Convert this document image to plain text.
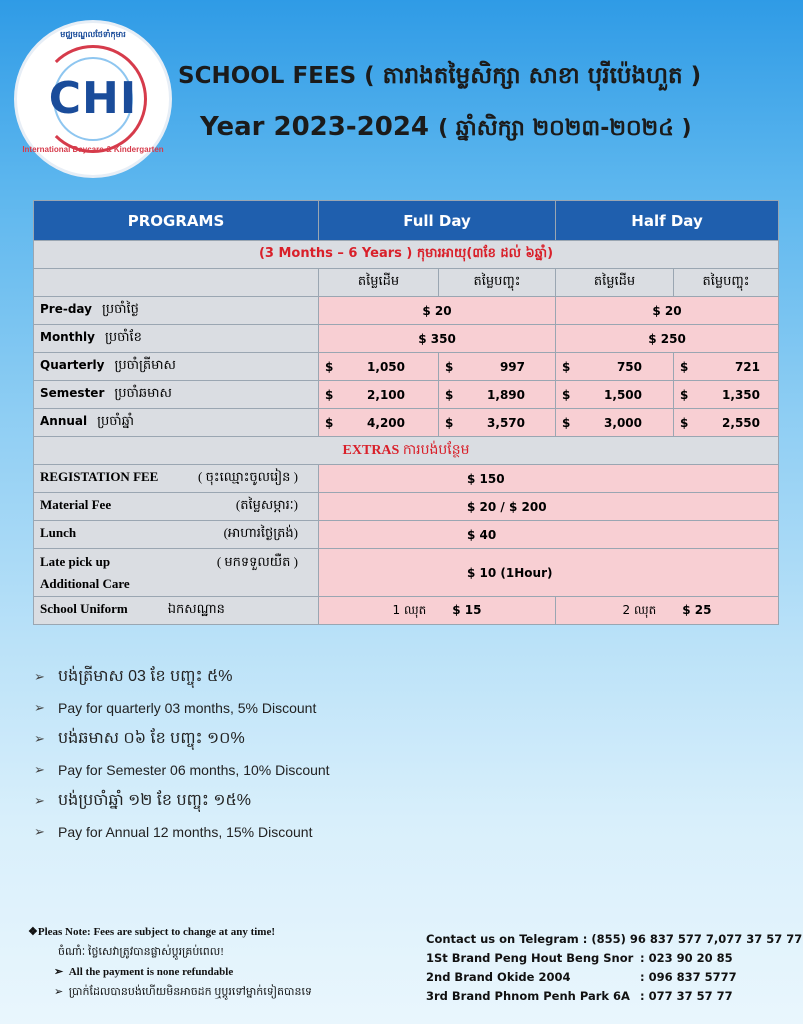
មជ្ឈមណ្ឌលថែទាំកុមារ
CHI
International Daycare & Kindergarten
SCHOOL FEES ( តារាងតម្លៃសិក្សា សាខា បុរីប៉េងហួត )
Year 2023-2024 ( ឆ្នាំសិក្សា ២០២៣-២០២៤ )
PROGRAMS	Full Day		Half Day	
(3 Months – 6 Years ) កុមារអាយុ(៣ខែ ដល់ ៦ឆ្នាំ)				
	តម្លៃដើម	តម្លៃបញ្ចុះ	តម្លៃដើម	តម្លៃបញ្ចុះ
Pre-day ប្រចាំថ្ងៃ	$ 20		$ 20	
Monthly ប្រចាំខែ	$ 350		$ 250	
Quarterly ប្រចាំត្រីមាស	$ 1,050	$ 997	$ 750	$ 721
Semester ប្រចាំឆមាស	$ 2,100	$ 1,890	$ 1,500	$ 1,350
Annual ប្រចាំឆ្នាំ	$ 4,200	$ 3,570	$ 3,000	$ 2,550
EXTRAS ការបង់បន្ថែម				
REGISTATION FEE ( ចុះឈ្មោះចូលរៀន )	$ 150			
Material Fee (តម្លៃសម្ភារៈ)	$ 20 / $ 200			
Lunch (អាហារថ្ងៃត្រង់)	$ 40			

( មកទទួលយឺត )
Late pick up
Additional Care	$ 10 (1Hour)			
School Uniform ឯកសណ្ឋាន	1 ឈុត $ 15		2 ឈុត $ 25	
➢ បង់ត្រីមាស 03 ខែ បញ្ចុះ ៥%
➢ Pay for quarterly 03 months, 5% Discount
➢ បង់ឆមាស ០៦ ខែ បញ្ចុះ ១០%
➢ Pay for Semester 06 months, 10% Discount
➢ បង់ប្រចាំឆ្នាំ ១២ ខែ បញ្ចុះ ១៥%
➢ Pay for Annual 12 months, 15% Discount
❖Pleas Note: Fees are subject to change at any time!
ចំណាំៈ ថ្លៃសេវាត្រូវបានផ្លាស់ប្តូរគ្រប់ពេល!
➢  All the payment is none refundable
➢  ប្រាក់ដែលបានបង់ហើយមិនអាចដក ឬប្តូរទៅម្នាក់ទៀតបានទេ
Contact us on Telegram : (855) 96 837 577 7,077 37 57 77
1St Brand Peng Hout Beng Snor : 023 90 20 85
2nd Brand Okide 2004	: 096 837 5777
3rd Brand Phnom Penh Park 6A : 077 37 57 77
